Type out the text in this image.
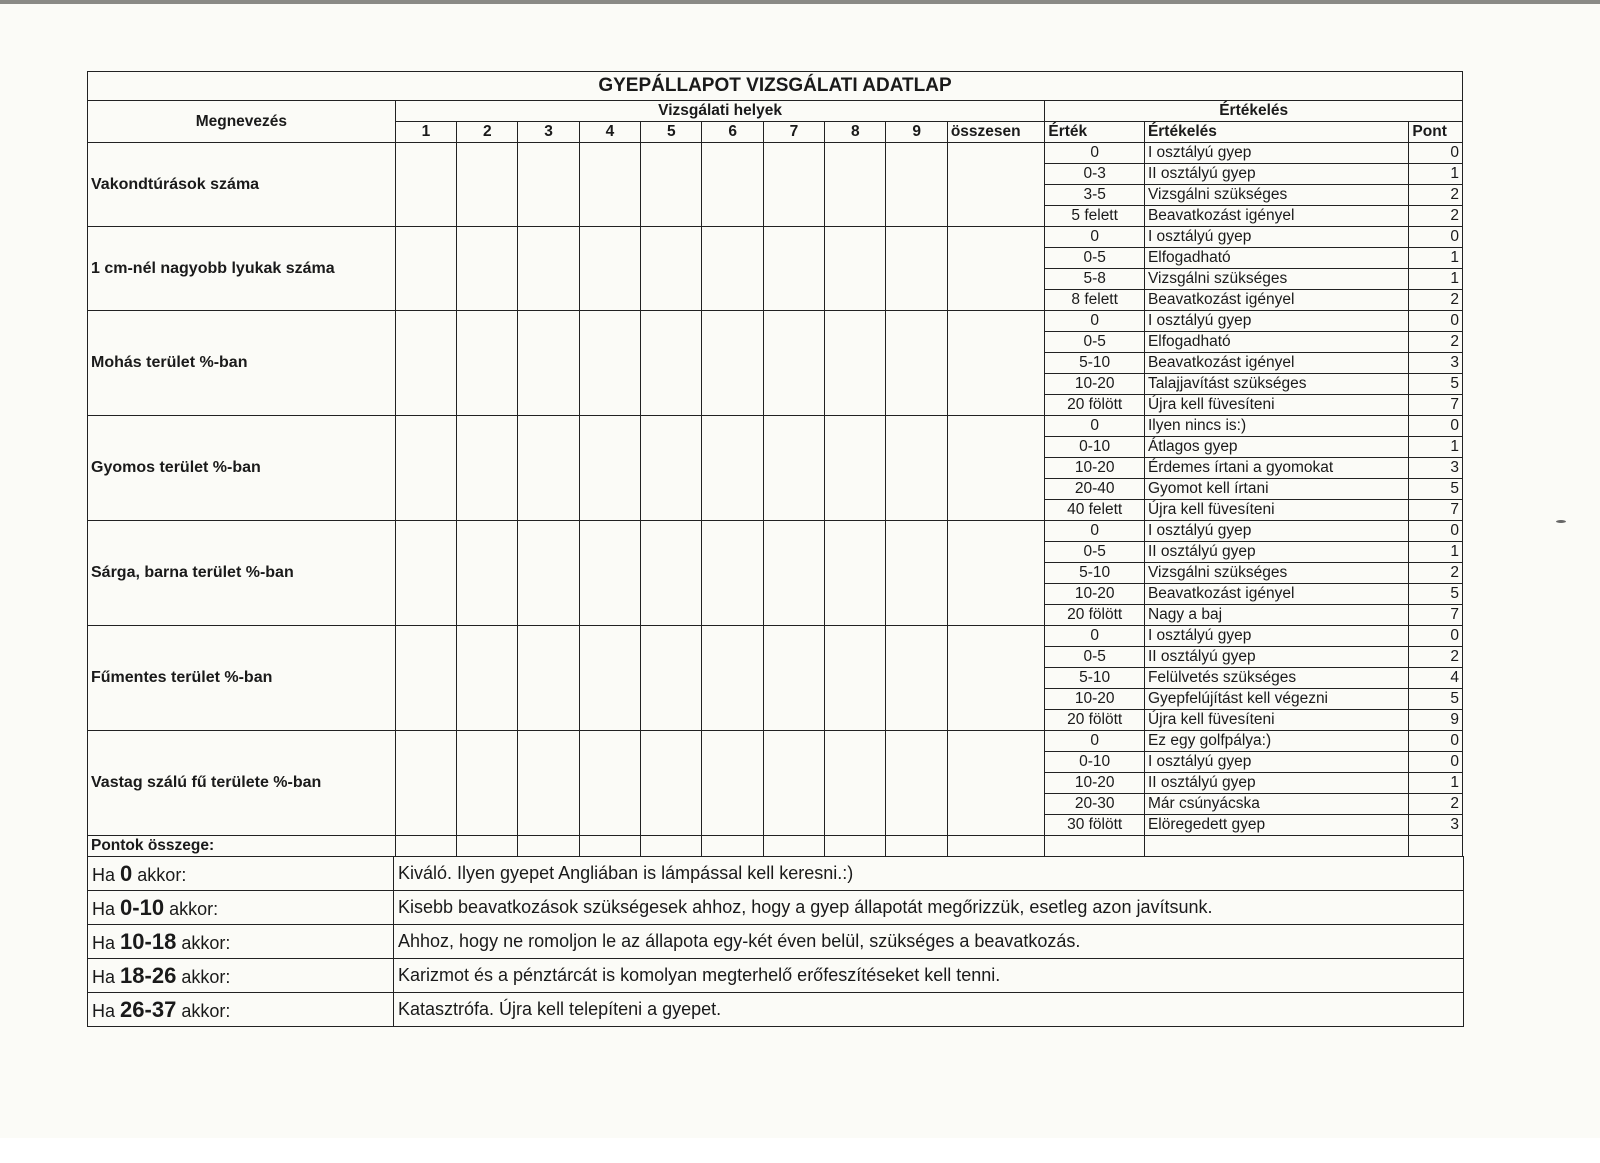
GYEPÁLLAPOT VIZSGÁLATI ADATLAP													
Megnevezés	Vizsgálati helyek										Értékelés		
	1	2	3	4	5	6	7	8	9	összesen	Érték	Értékelés	Pont
Vakondtúrások száma											0	I osztályú gyep	0
											0-3	II osztályú gyep	1
											3-5	Vizsgálni szükséges	2
											5 felett	Beavatkozást igényel	2
1 cm-nél nagyobb lyukak száma											0	I osztályú gyep	0
											0-5	Elfogadható	1
											5-8	Vizsgálni szükséges	1
											8 felett	Beavatkozást igényel	2
Mohás terület %-ban											0	I osztályú gyep	0
											0-5	Elfogadható	2
											5-10	Beavatkozást igényel	3
											10-20	Talajjavítást szükséges	5
											20 fölött	Újra kell füvesíteni	7
Gyomos terület %-ban											0	Ilyen nincs is:)	0
											0-10	Átlagos gyep	1
											10-20	Érdemes írtani a gyomokat	3
											20-40	Gyomot kell írtani	5
											40 felett	Újra kell füvesíteni	7
Sárga, barna terület %-ban											0	I osztályú gyep	0
											0-5	II osztályú gyep	1
											5-10	Vizsgálni szükséges	2
											10-20	Beavatkozást igényel	5
											20 fölött	Nagy a baj	7
Fűmentes terület %-ban											0	I osztályú gyep	0
											0-5	II osztályú gyep	2
											5-10	Felülvetés szükséges	4
											10-20	Gyepfelújítást kell végezni	5
											20 fölött	Újra kell füvesíteni	9
Vastag szálú fű területe %-ban											0	Ez egy golfpálya:)	0
											0-10	I osztályú gyep	0
											10-20	II osztályú gyep	1
											20-30	Már csúnyácska	2
											30 fölött	Elöregedett gyep	3
Pontok összege:													
Ha 0 akkor:	Kiváló. Ilyen gyepet Angliában is lámpással kell keresni.:)
Ha 0-10 akkor:	Kisebb beavatkozások szükségesek ahhoz, hogy a gyep állapotát megőrizzük, esetleg azon javítsunk.
Ha 10-18 akkor:	Ahhoz, hogy ne romoljon le az állapota egy-két éven belül, szükséges a beavatkozás.
Ha 18-26 akkor:	Karizmot és a pénztárcát is komolyan megterhelő erőfeszítéseket kell tenni.
Ha 26-37 akkor:	Katasztrófa. Újra kell telepíteni a gyepet.
